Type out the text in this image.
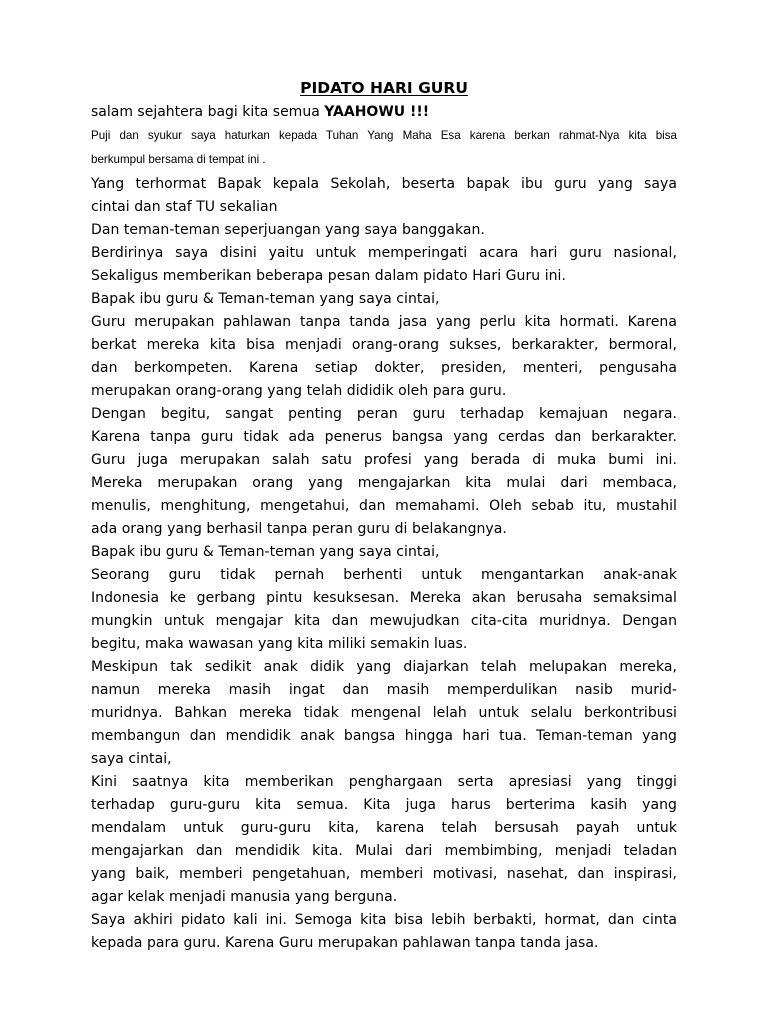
PIDATO HARI GURU
salam sejahtera bagi kita semua YAAHOWU !!!
Puji dan syukur saya haturkan kepada Tuhan Yang Maha Esa karena berkan rahmat-Nya kita bisa
berkumpul bersama di tempat ini .
Yang terhormat Bapak kepala Sekolah, beserta bapak ibu guru yang saya
cintai dan staf TU sekalian
Dan teman-teman seperjuangan yang saya banggakan.
Berdirinya saya disini yaitu untuk memperingati acara hari guru nasional,
Sekaligus memberikan beberapa pesan dalam pidato Hari Guru ini.
Bapak ibu guru & Teman-teman yang saya cintai,
Guru merupakan pahlawan tanpa tanda jasa yang perlu kita hormati. Karena
berkat mereka kita bisa menjadi orang-orang sukses, berkarakter, bermoral,
dan berkompeten. Karena setiap dokter, presiden, menteri, pengusaha
merupakan orang-orang yang telah dididik oleh para guru.
Dengan begitu, sangat penting peran guru terhadap kemajuan negara.
Karena tanpa guru tidak ada penerus bangsa yang cerdas dan berkarakter.
Guru juga merupakan salah satu profesi yang berada di muka bumi ini.
Mereka merupakan orang yang mengajarkan kita mulai dari membaca,
menulis, menghitung, mengetahui, dan memahami. Oleh sebab itu, mustahil
ada orang yang berhasil tanpa peran guru di belakangnya.
Bapak ibu guru & Teman-teman yang saya cintai,
Seorang guru tidak pernah berhenti untuk mengantarkan anak-anak
Indonesia ke gerbang pintu kesuksesan. Mereka akan berusaha semaksimal
mungkin untuk mengajar kita dan mewujudkan cita-cita muridnya. Dengan
begitu, maka wawasan yang kita miliki semakin luas.
Meskipun tak sedikit anak didik yang diajarkan telah melupakan mereka,
namun mereka masih ingat dan masih memperdulikan nasib murid-
muridnya. Bahkan mereka tidak mengenal lelah untuk selalu berkontribusi
membangun dan mendidik anak bangsa hingga hari tua. Teman-teman yang
saya cintai,
Kini saatnya kita memberikan penghargaan serta apresiasi yang tinggi
terhadap guru-guru kita semua. Kita juga harus berterima kasih yang
mendalam untuk guru-guru kita, karena telah bersusah payah untuk
mengajarkan dan mendidik kita. Mulai dari membimbing, menjadi teladan
yang baik, memberi pengetahuan, memberi motivasi, nasehat, dan inspirasi,
agar kelak menjadi manusia yang berguna.
Saya akhiri pidato kali ini. Semoga kita bisa lebih berbakti, hormat, dan cinta
kepada para guru. Karena Guru merupakan pahlawan tanpa tanda jasa.
